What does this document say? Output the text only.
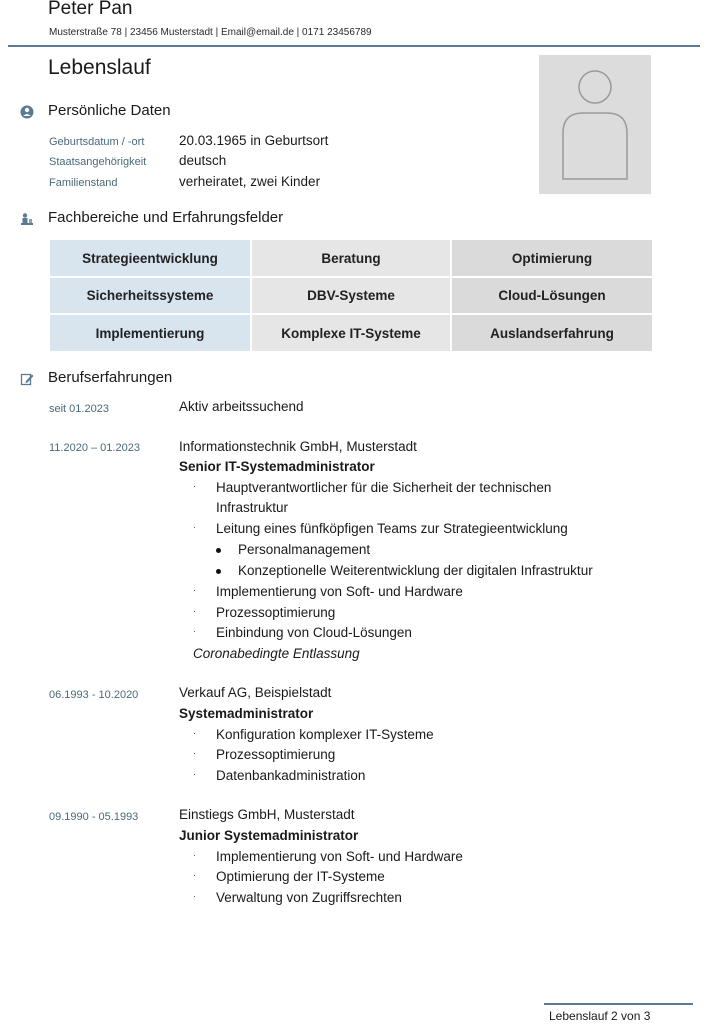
Peter Pan
Musterstraße 78 | 23456 Musterstadt | Email@email.de | 0171 23456789
Lebenslauf
Persönliche Daten
Geburtsdatum / -ort	20.03.1965 in Geburtsort
Staatsangehörigkeit deutsch
Familienstand	verheiratet, zwei Kinder
Fachbereiche und Erfahrungsfelder
Strategieentwicklung	Beratung	Optimierung
Sicherheitssysteme	DBV-Systeme	Cloud-Lösungen
Implementierung	Komplexe IT-Systeme	Auslandserfahrung
Berufserfahrungen
seit 01.2023	Aktiv arbeitssuchend
11.2020 – 01.2023	Informationstechnik GmbH, Musterstadt
Senior IT-Systemadministrator
· Hauptverantwortlicher für die Sicherheit der technischen
Infrastruktur
· Leitung eines fünfköpfigen Teams zur Strategieentwicklung
Personalmanagement
Konzeptionelle Weiterentwicklung der digitalen Infrastruktur
· Implementierung von Soft- und Hardware
· Prozessoptimierung
· Einbindung von Cloud-Lösungen
Coronabedingte Entlassung
06.1993 - 10.2020	Verkauf AG, Beispielstadt
Systemadministrator
· Konfiguration komplexer IT-Systeme
· Prozessoptimierung
· Datenbankadministration
09.1990 - 05.1993	Einstiegs GmbH, Musterstadt
Junior Systemadministrator
· Implementierung von Soft- und Hardware
· Optimierung der IT-Systeme
· Verwaltung von Zugriffsrechten
Lebenslauf 2 von 3
